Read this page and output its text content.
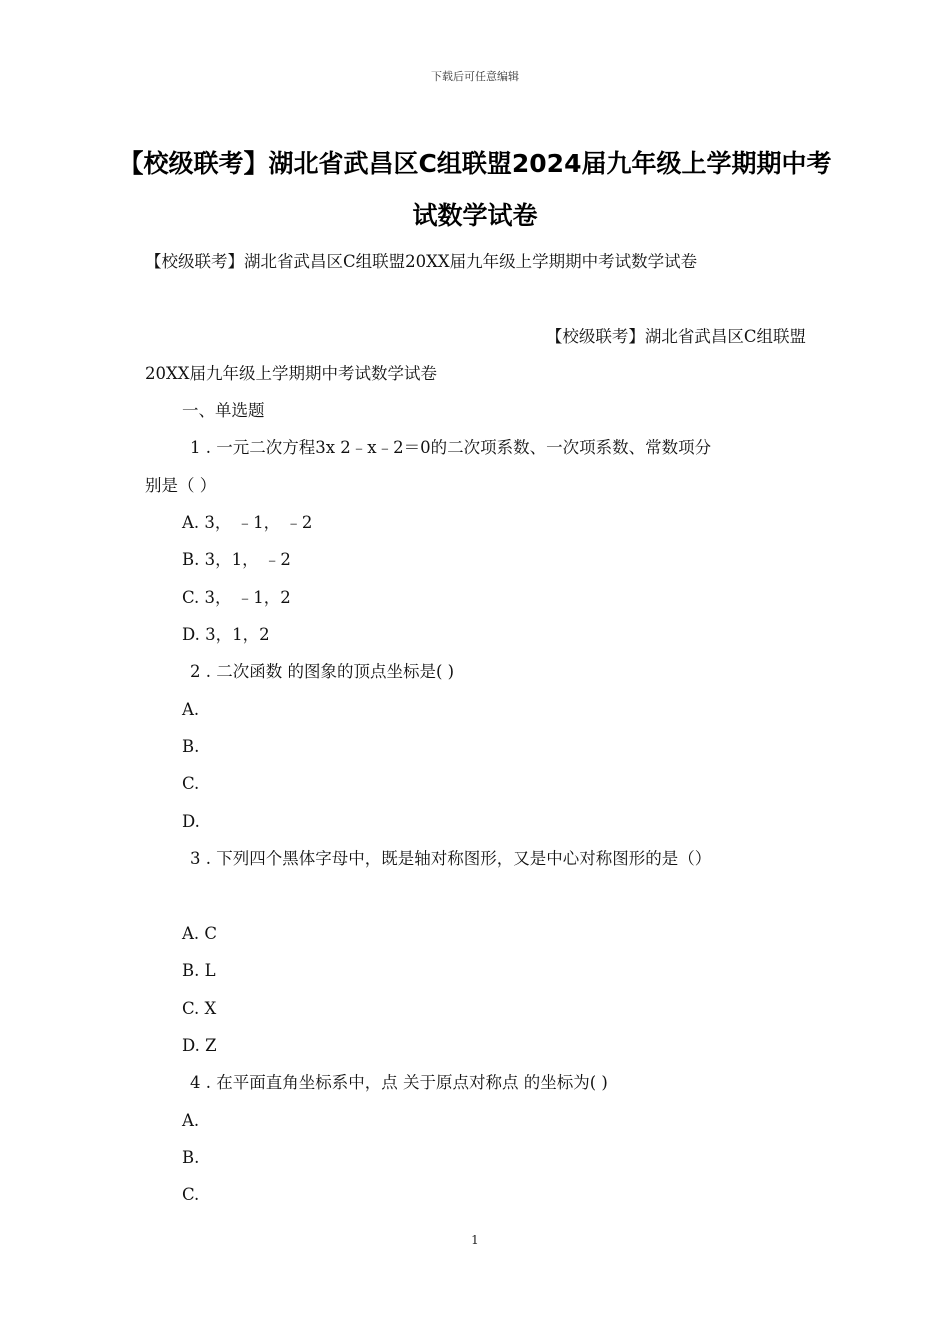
下载后可任意编辑
【校级联考】湖北省武昌区C组联盟2024届九年级上学期期中考试数学试卷
【校级联考】湖北省武昌区C组联盟20XX届九年级上学期期中考试数学试卷
【校级联考】湖北省武昌区C组联盟
20XX届九年级上学期期中考试数学试卷
一、单选题
1 . 一元二次方程3x 2﹣x﹣2＝0的二次项系数、一次项系数、常数项分
别是（ ）
A. 3， ﹣1， ﹣2
B. 3，1， ﹣2
C. 3， ﹣1，2
D. 3，1，2
2 . 二次函数 的图象的顶点坐标是( )
A.
B.
C.
D.
3 . 下列四个黑体字母中，既是轴对称图形，又是中心对称图形的是（）
A. C
B. L
C. X
D. Z
4 . 在平面直角坐标系中，点 关于原点对称点 的坐标为( )
A.
B.
C.
1
